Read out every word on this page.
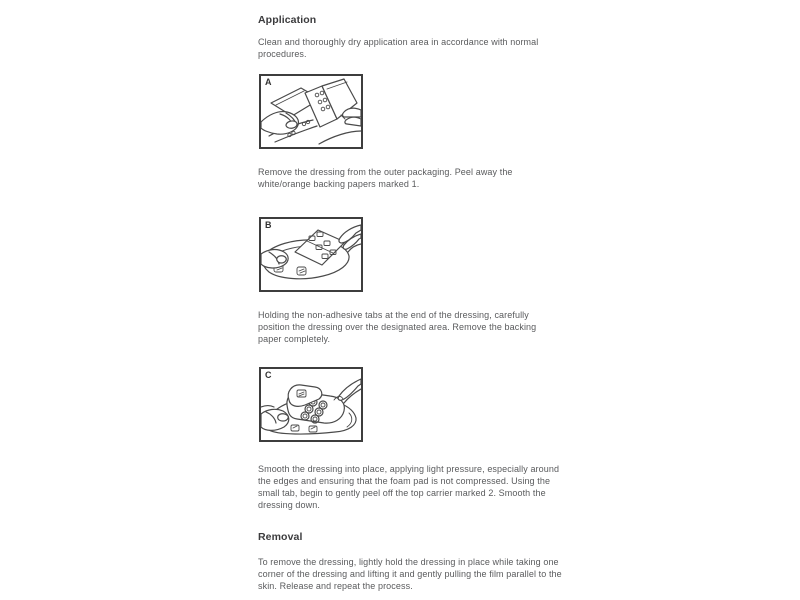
Application
Clean and thoroughly dry application area in accordance with normal procedures.
A
Remove the dressing from the outer packaging. Peel away the white/orange backing papers marked 1.
B
Holding the non-adhesive tabs at the end of the dressing, carefully position the dressing over the designated area. Remove the backing paper completely.
C
Smooth the dressing into place, applying light pressure, especially around the edges and ensuring that the foam pad is not compressed. Using the small tab, begin to gently peel off the top carrier marked 2. Smooth the dressing down.
Removal
To remove the dressing, lightly hold the dressing in place while taking one corner of the dressing and lifting it and gently pulling the film parallel to the skin. Release and repeat the process.
